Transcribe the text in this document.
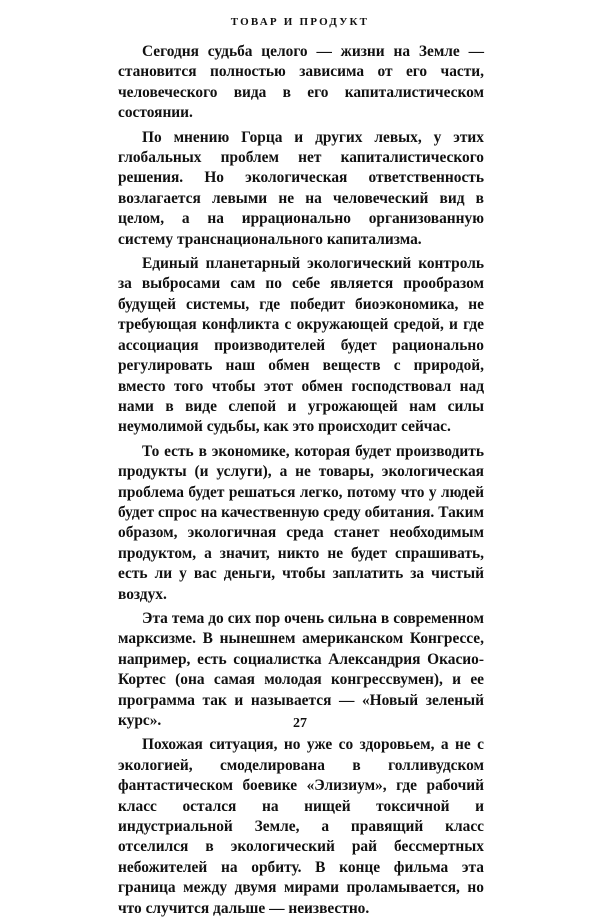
ТОВАР И ПРОДУКТ

Сегодня судьба целого — жизни на Земле — становится полностью зависима от его части, человеческого вида в его капиталистическом состоянии.

По мнению Горца и других левых, у этих глобальных проблем нет капиталистического решения. Но экологическая ответственность возлагается левыми не на человеческий вид в целом, а на иррационально организованную систему транснационального капитализма.

Единый планетарный экологический контроль за выбросами сам по себе является прообразом будущей системы, где победит биоэкономика, не требующая конфликта с окружающей средой, и где ассоциация производителей будет рационально регулировать наш обмен веществ с природой, вместо того чтобы этот обмен господствовал над нами в виде слепой и угрожающей нам силы неумолимой судьбы, как это происходит сейчас.

То есть в экономике, которая будет производить продукты (и услуги), а не товары, экологическая проблема будет решаться легко, потому что у людей будет спрос на качественную среду обитания. Таким образом, экологичная среда станет необходимым продуктом, а значит, никто не будет спрашивать, есть ли у вас деньги, чтобы заплатить за чистый воздух.

Эта тема до сих пор очень сильна в современном марксизме. В нынешнем американском Конгрессе, например, есть социалистка Александрия Окасио-Кортес (она самая молодая конгрессвумен), и ее программа так и называется — «Новый зеленый курс».

Похожая ситуация, но уже со здоровьем, а не с экологией, смоделирована в голливудском фантастическом боевике «Элизиум», где рабочий класс остался на нищей токсичной и индустриальной Земле, а правящий класс отселился в экологический рай бессмертных небожителей на орбиту. В конце фильма эта граница между двумя мирами проламывается, но что случится дальше — неизвестно.

27
